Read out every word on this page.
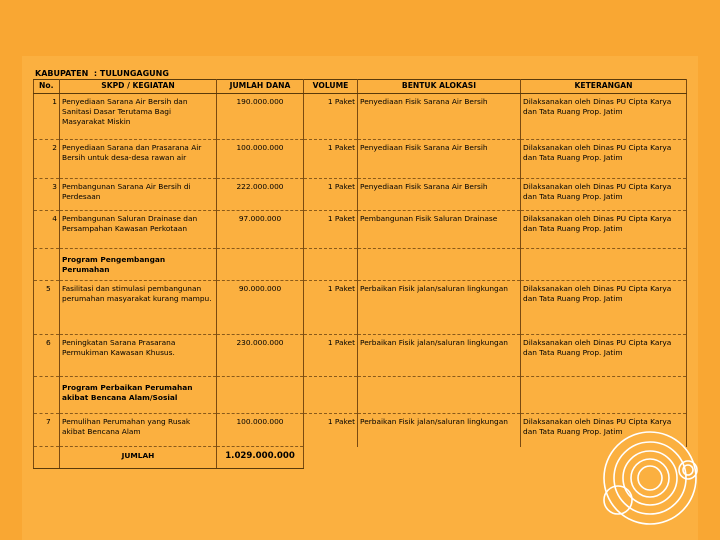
KABUPATEN : TULUNGAGUNG
No.	SKPD / KEGIATAN	JUMLAH DANA	VOLUME	BENTUK ALOKASI	KETERANGAN
1	Penyediaan Sarana Air Bersih dan Sanitasi Dasar Terutama Bagi Masyarakat Miskin	190.000.000	1 Paket	Penyediaan Fisik Sarana Air Bersih	Dilaksanakan oleh Dinas PU Cipta Karya dan Tata Ruang Prop. Jatim
2	Penyediaan Sarana dan Prasarana Air Bersih untuk desa-desa rawan air	100.000.000	1 Paket	Penyediaan Fisik Sarana Air Bersih	Dilaksanakan oleh Dinas PU Cipta Karya dan Tata Ruang Prop. Jatim
3	Pembangunan Sarana Air Bersih di Perdesaan	222.000.000	1 Paket	Penyediaan Fisik Sarana Air Bersih	Dilaksanakan oleh Dinas PU Cipta Karya dan Tata Ruang Prop. Jatim
4	Pembangunan Saluran Drainase dan Persampahan Kawasan Perkotaan	97.000.000	1 Paket	Pembangunan Fisik Saluran Drainase	Dilaksanakan oleh Dinas PU Cipta Karya dan Tata Ruang Prop. Jatim
	Program Pengembangan Perumahan				
5	Fasilitasi dan stimulasi pembangunan perumahan masyarakat kurang mampu.	90.000.000	1 Paket	Perbaikan Fisik jalan/saluran lingkungan	Dilaksanakan oleh Dinas PU Cipta Karya dan Tata Ruang Prop. Jatim
6	Peningkatan Sarana Prasarana Permukiman Kawasan Khusus.	230.000.000	1 Paket	Perbaikan Fisik jalan/saluran lingkungan	Dilaksanakan oleh Dinas PU Cipta Karya dan Tata Ruang Prop. Jatim
	Program Perbaikan Perumahan akibat Bencana Alam/Sosial				
7	Pemulihan Perumahan yang Rusak akibat Bencana Alam	100.000.000	1 Paket	Perbaikan Fisik jalan/saluran lingkungan	Dilaksanakan oleh Dinas PU Cipta Karya dan Tata Ruang Prop. Jatim
	JUMLAH	1.029.000.000			
